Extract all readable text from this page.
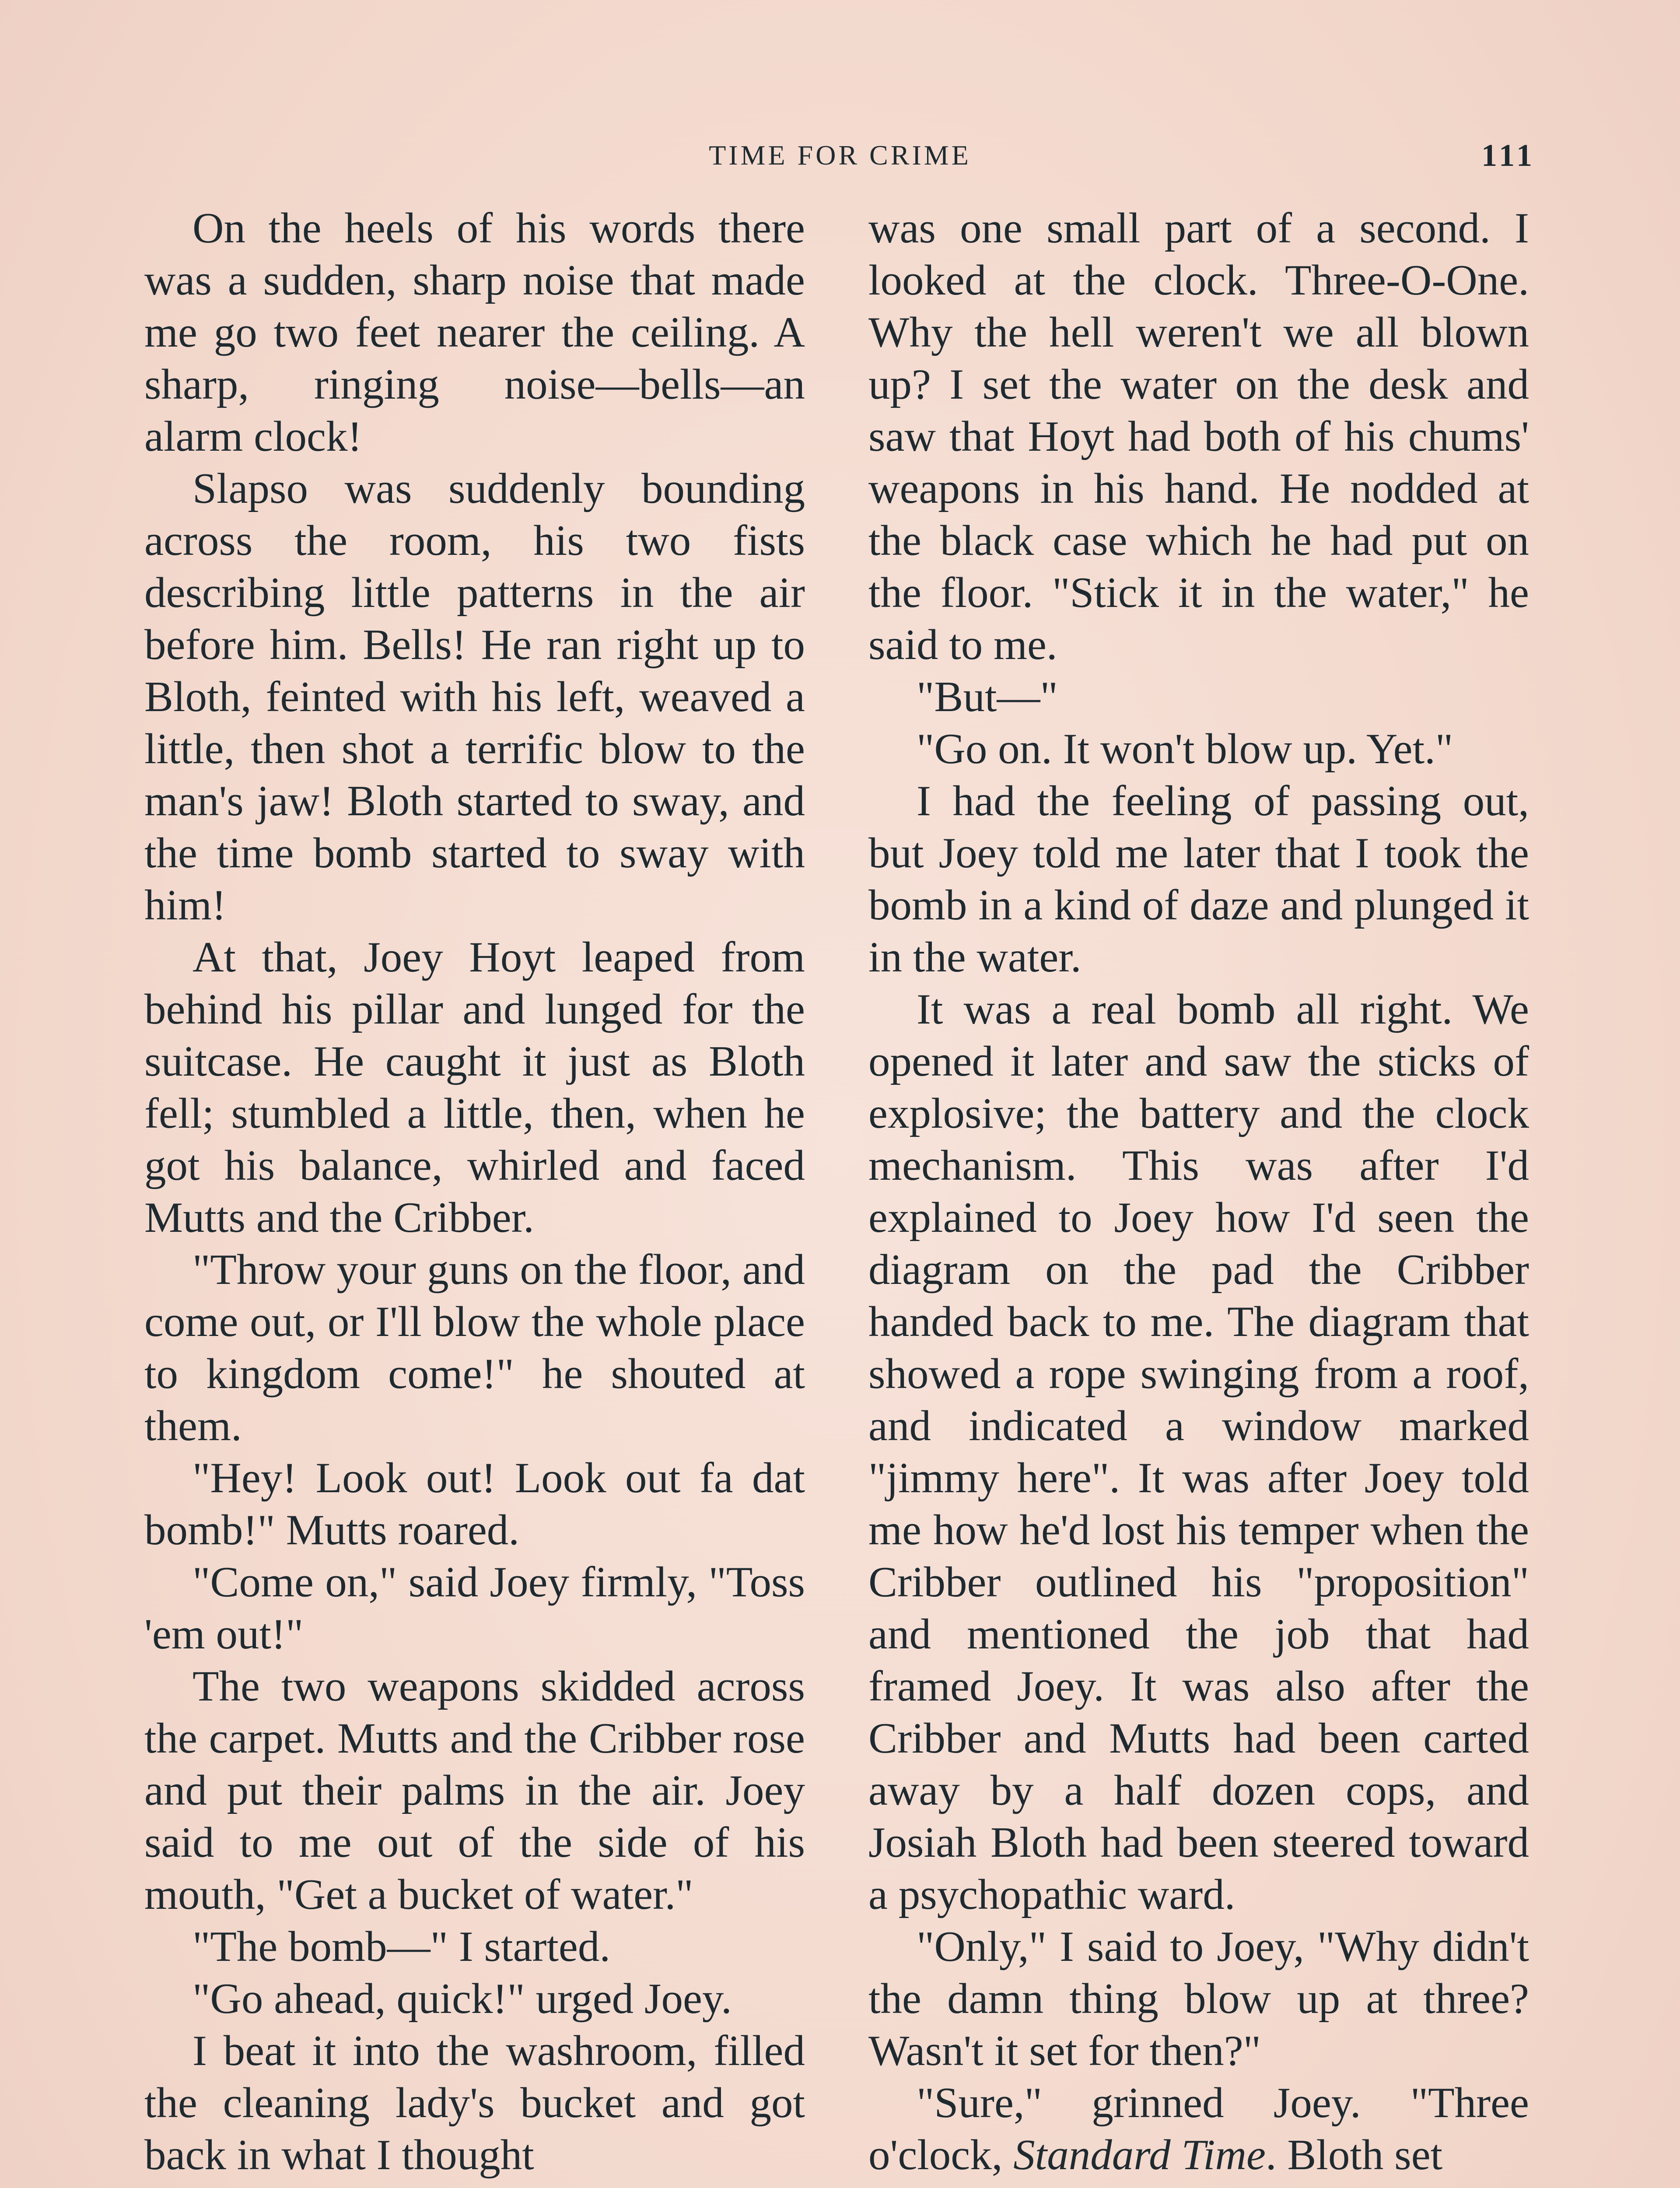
TIME FOR CRIME	111

On the heels of his words there was a sudden, sharp noise that made me go two feet nearer the ceiling. A sharp, ringing noise—bells—an alarm clock!

Slapso was suddenly bounding across the room, his two fists describing little patterns in the air before him. Bells! He ran right up to Bloth, feinted with his left, weaved a little, then shot a terrific blow to the man's jaw! Bloth started to sway, and the time bomb started to sway with him!

At that, Joey Hoyt leaped from behind his pillar and lunged for the suitcase. He caught it just as Bloth fell; stumbled a little, then, when he got his balance, whirled and faced Mutts and the Cribber.

"Throw your guns on the floor, and come out, or I'll blow the whole place to kingdom come!" he shouted at them.

"Hey! Look out! Look out fa dat bomb!" Mutts roared.

"Come on," said Joey firmly, "Toss 'em out!"

The two weapons skidded across the carpet. Mutts and the Cribber rose and put their palms in the air. Joey said to me out of the side of his mouth, "Get a bucket of water."

"The bomb—" I started.

"Go ahead, quick!" urged Joey.

I beat it into the washroom, filled the cleaning lady's bucket and got back in what I thought

was one small part of a second. I looked at the clock. Three-O-One. Why the hell weren't we all blown up? I set the water on the desk and saw that Hoyt had both of his chums' weapons in his hand. He nodded at the black case which he had put on the floor. "Stick it in the water," he said to me.

"But—"

"Go on. It won't blow up. Yet."

I had the feeling of passing out, but Joey told me later that I took the bomb in a kind of daze and plunged it in the water.

It was a real bomb all right. We opened it later and saw the sticks of explosive; the battery and the clock mechanism. This was after I'd explained to Joey how I'd seen the diagram on the pad the Cribber handed back to me. The diagram that showed a rope swinging from a roof, and indicated a window marked "jimmy here". It was after Joey told me how he'd lost his temper when the Cribber outlined his "proposition" and mentioned the job that had framed Joey. It was also after the Cribber and Mutts had been carted away by a half dozen cops, and Josiah Bloth had been steered toward a psychopathic ward.

"Only," I said to Joey, "Why didn't the damn thing blow up at three? Wasn't it set for then?"

"Sure," grinned Joey. "Three o'clock, Standard Time. Bloth set
